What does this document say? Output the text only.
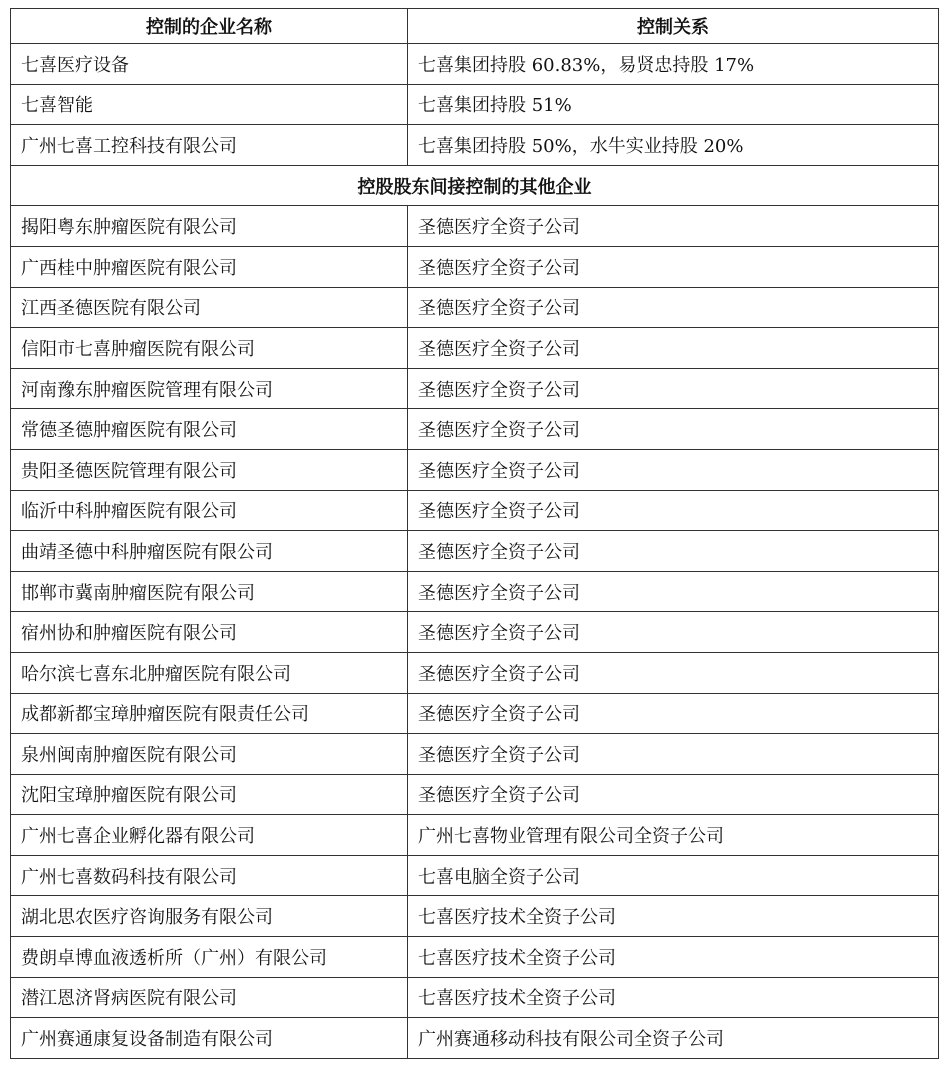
控制的企业名称	控制关系
七喜医疗设备	七喜集团持股 60.83%，易贤忠持股 17%
七喜智能	七喜集团持股 51%
广州七喜工控科技有限公司	七喜集团持股 50%，水牛实业持股 20%
控股股东间接控制的其他企业	
揭阳粤东肿瘤医院有限公司	圣德医疗全资子公司
广西桂中肿瘤医院有限公司	圣德医疗全资子公司
江西圣德医院有限公司	圣德医疗全资子公司
信阳市七喜肿瘤医院有限公司	圣德医疗全资子公司
河南豫东肿瘤医院管理有限公司	圣德医疗全资子公司
常德圣德肿瘤医院有限公司	圣德医疗全资子公司
贵阳圣德医院管理有限公司	圣德医疗全资子公司
临沂中科肿瘤医院有限公司	圣德医疗全资子公司
曲靖圣德中科肿瘤医院有限公司	圣德医疗全资子公司
邯郸市冀南肿瘤医院有限公司	圣德医疗全资子公司
宿州协和肿瘤医院有限公司	圣德医疗全资子公司
哈尔滨七喜东北肿瘤医院有限公司	圣德医疗全资子公司
成都新都宝璋肿瘤医院有限责任公司	圣德医疗全资子公司
泉州闽南肿瘤医院有限公司	圣德医疗全资子公司
沈阳宝璋肿瘤医院有限公司	圣德医疗全资子公司
广州七喜企业孵化器有限公司	广州七喜物业管理有限公司全资子公司
广州七喜数码科技有限公司	七喜电脑全资子公司
湖北思农医疗咨询服务有限公司	七喜医疗技术全资子公司
费朗卓博血液透析所（广州）有限公司	七喜医疗技术全资子公司
潜江恩济肾病医院有限公司	七喜医疗技术全资子公司
广州赛通康复设备制造有限公司	广州赛通移动科技有限公司全资子公司
